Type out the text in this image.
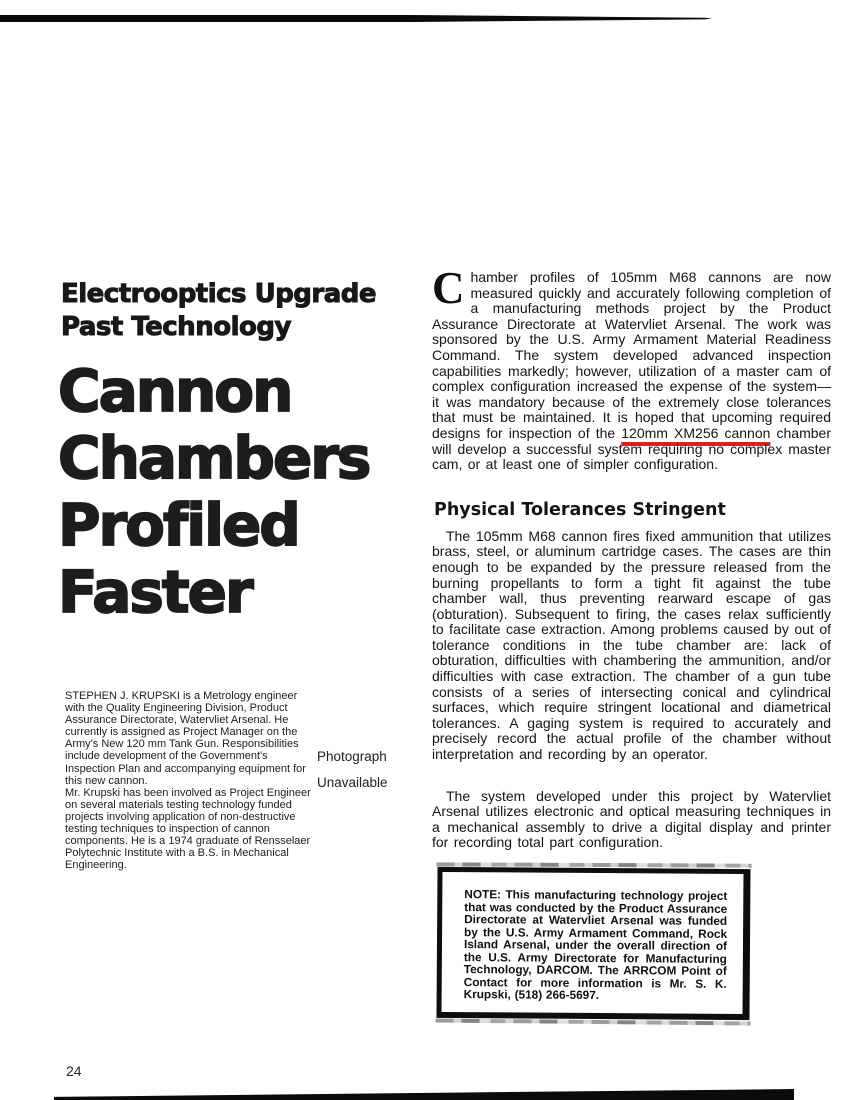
Electrooptics Upgrade
Past Technology
Cannon
Chambers
Profiled
Faster
STEPHEN J. KRUPSKI is a Metrology engineer with the Quality Engineering Division, Product Assurance Directorate, Watervliet Arsenal. He currently is assigned as Project Manager on the Army's New 120 mm Tank Gun. Responsibilities include development of the Government's Inspection Plan and accompanying equipment for this new cannon.
Mr. Krupski has been involved as Project Engineer on several materials testing technology funded projects involving application of non-destructive testing techniques to inspection of cannon components. He is a 1974 graduate of Rensselaer Polytechnic Institute with a B.S. in Mechanical Engineering.
Photograph
Unavailable

Chamber profiles of 105mm M68 cannons are now measured quickly and accurately following completion of a manufacturing methods project by the Product Assurance Directorate at Watervliet Arsenal. The work was sponsored by the U.S. Army Armament Material Readiness Command. The system developed advanced inspection capabilities markedly; however, utilization of a master cam of complex configuration increased the expense of the system—it was mandatory because of the extremely close tolerances that must be maintained. It is hoped that upcoming required designs for inspection of the 120mm XM256 cannon chamber will develop a successful system requiring no complex master cam, or at least one of simpler configuration.

Physical Tolerances Stringent

The 105mm M68 cannon fires fixed ammunition that utilizes brass, steel, or aluminum cartridge cases. The cases are thin enough to be expanded by the pressure released from the burning propellants to form a tight fit against the tube chamber wall, thus preventing rearward escape of gas (obturation). Subsequent to firing, the cases relax sufficiently to facilitate case extraction. Among problems caused by out of tolerance conditions in the tube chamber are: lack of obturation, difficulties with chambering the ammunition, and/or difficulties with case extraction. The chamber of a gun tube consists of a series of intersecting conical and cylindrical surfaces, which require stringent locational and diametrical tolerances. A gaging system is required to accurately and precisely record the actual profile of the chamber without interpretation and recording by an operator.

The system developed under this project by Watervliet Arsenal utilizes electronic and optical measuring techniques in a mechanical assembly to drive a digital display and printer for recording total part configuration.

NOTE: This manufacturing technology project that was conducted by the Product Assurance Directorate at Watervliet Arsenal was funded by the U.S. Army Armament Command, Rock Island Arsenal, under the overall direction of the U.S. Army Directorate for Manufacturing Technology, DARCOM. The ARRCOM Point of Contact for more information is Mr. S. K. Krupski, (518) 266-5697.

24
